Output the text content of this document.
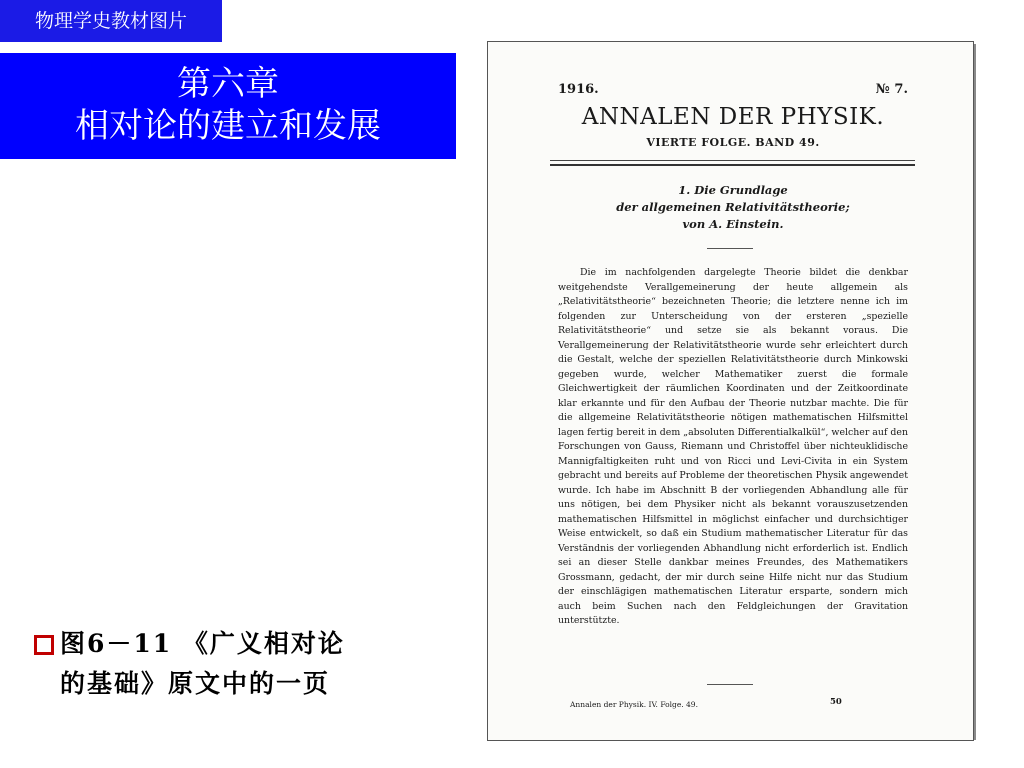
物理学史教材图片
第六章
相对论的建立和发展
图6－11 《广义相对论
的基础》原文中的一页
1916.	№ 7.
ANNALEN DER PHYSIK.
VIERTE FOLGE. BAND 49.
1. Die Grundlage
der allgemeinen Relativitätstheorie;
von A. Einstein.

Die im nachfolgenden dargelegte Theorie bildet die denkbar weitgehendste Verallgemeinerung der heute allgemein als „Relativitätstheorie“ bezeichneten Theorie; die letztere nenne ich im folgenden zur Unterscheidung von der ersteren „spezielle Relativitätstheorie“ und setze sie als bekannt voraus. Die Verallgemeinerung der Relativitätstheorie wurde sehr erleichtert durch die Gestalt, welche der speziellen Relativitätstheorie durch Minkowski gegeben wurde, welcher Mathematiker zuerst die formale Gleichwertigkeit der räumlichen Koordinaten und der Zeitkoordinate klar erkannte und für den Aufbau der Theorie nutzbar machte. Die für die allgemeine Relativitätstheorie nötigen mathematischen Hilfsmittel lagen fertig bereit in dem „absoluten Differentialkalkül“, welcher auf den Forschungen von Gauss, Riemann und Christoffel über nichteuklidische Mannigfaltigkeiten ruht und von Ricci und Levi-Civita in ein System gebracht und bereits auf Probleme der theoretischen Physik angewendet wurde. Ich habe im Abschnitt B der vorliegenden Abhandlung alle für uns nötigen, bei dem Physiker nicht als bekannt vorauszusetzenden mathematischen Hilfsmittel in möglichst einfacher und durchsichtiger Weise entwickelt, so daß ein Studium mathematischer Literatur für das Verständnis der vorliegenden Abhandlung nicht erforderlich ist. Endlich sei an dieser Stelle dankbar meines Freundes, des Mathematikers Grossmann, gedacht, der mir durch seine Hilfe nicht nur das Studium der einschlägigen mathematischen Literatur ersparte, sondern mich auch beim Suchen nach den Feldgleichungen der Gravitation unterstützte.

Annalen der Physik. IV. Folge. 49.	50
